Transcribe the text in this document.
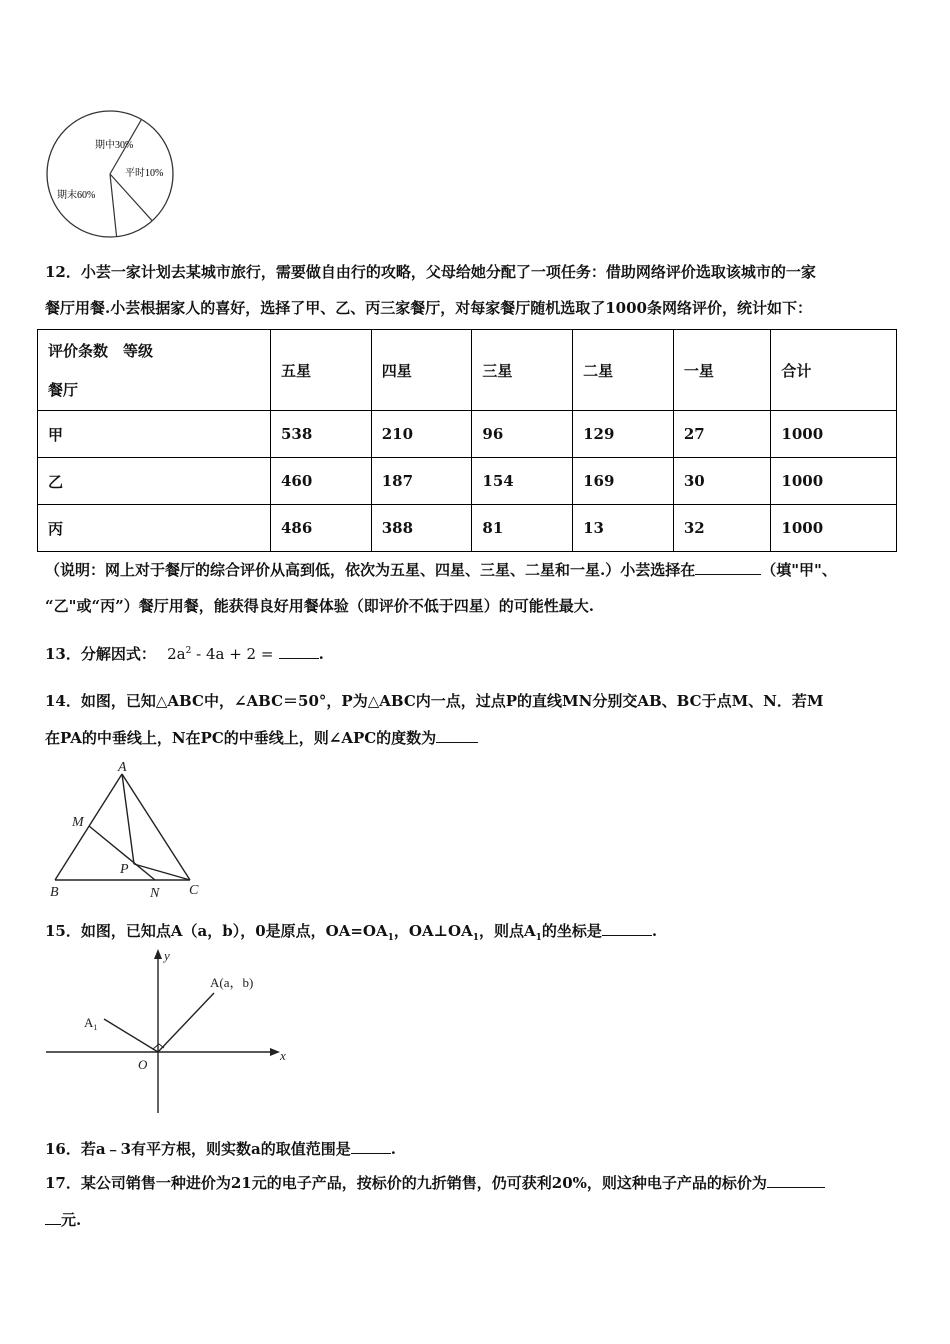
期中30%
平时10%
期末60%
12．小芸一家计划去某城市旅行，需要做自由行的攻略，父母给她分配了一项任务：借助网络评价选取该城市的一家
餐厅用餐.小芸根据家人的喜好，选择了甲、乙、丙三家餐厅，对每家餐厅随机选取了1000条网络评价，统计如下：
评价条数　等级
餐厅	五星	四星	三星	二星	一星	合计
甲	538	210	96	129	27	1000
乙	460	187	154	169	30	1000
丙	486	388	81	13	32	1000
（说明：网上对于餐厅的综合评价从高到低，依次为五星、四星、三星、二星和一星.）小芸选择在	（填"甲"、
“乙"或“丙”）餐厅用餐，能获得良好用餐体验（即评价不低于四星）的可能性最大.
13．分解因式： $2a^2 - 4a + 2$ =	.
14．如图，已知△ABC中，∠ABC＝50°，P为△ABC内一点，过点P的直线MN分别交AB、BC于点M、N．若M
在PA的中垂线上，N在PC的中垂线上，则∠APC的度数为
A
M
P
B	N C
15．如图，已知点A（a，b），0是原点，$OA=OA_1$，$OA\perp OA_1$，则点$A_1$的坐标是	.
y
x
O
A(a，b)
$A_1$
16．若a﹣3有平方根，则实数a的取值范围是	.
17．某公司销售一种进价为21元的电子产品，按标价的九折销售，仍可获利20%，则这种电子产品的标价为
元.
